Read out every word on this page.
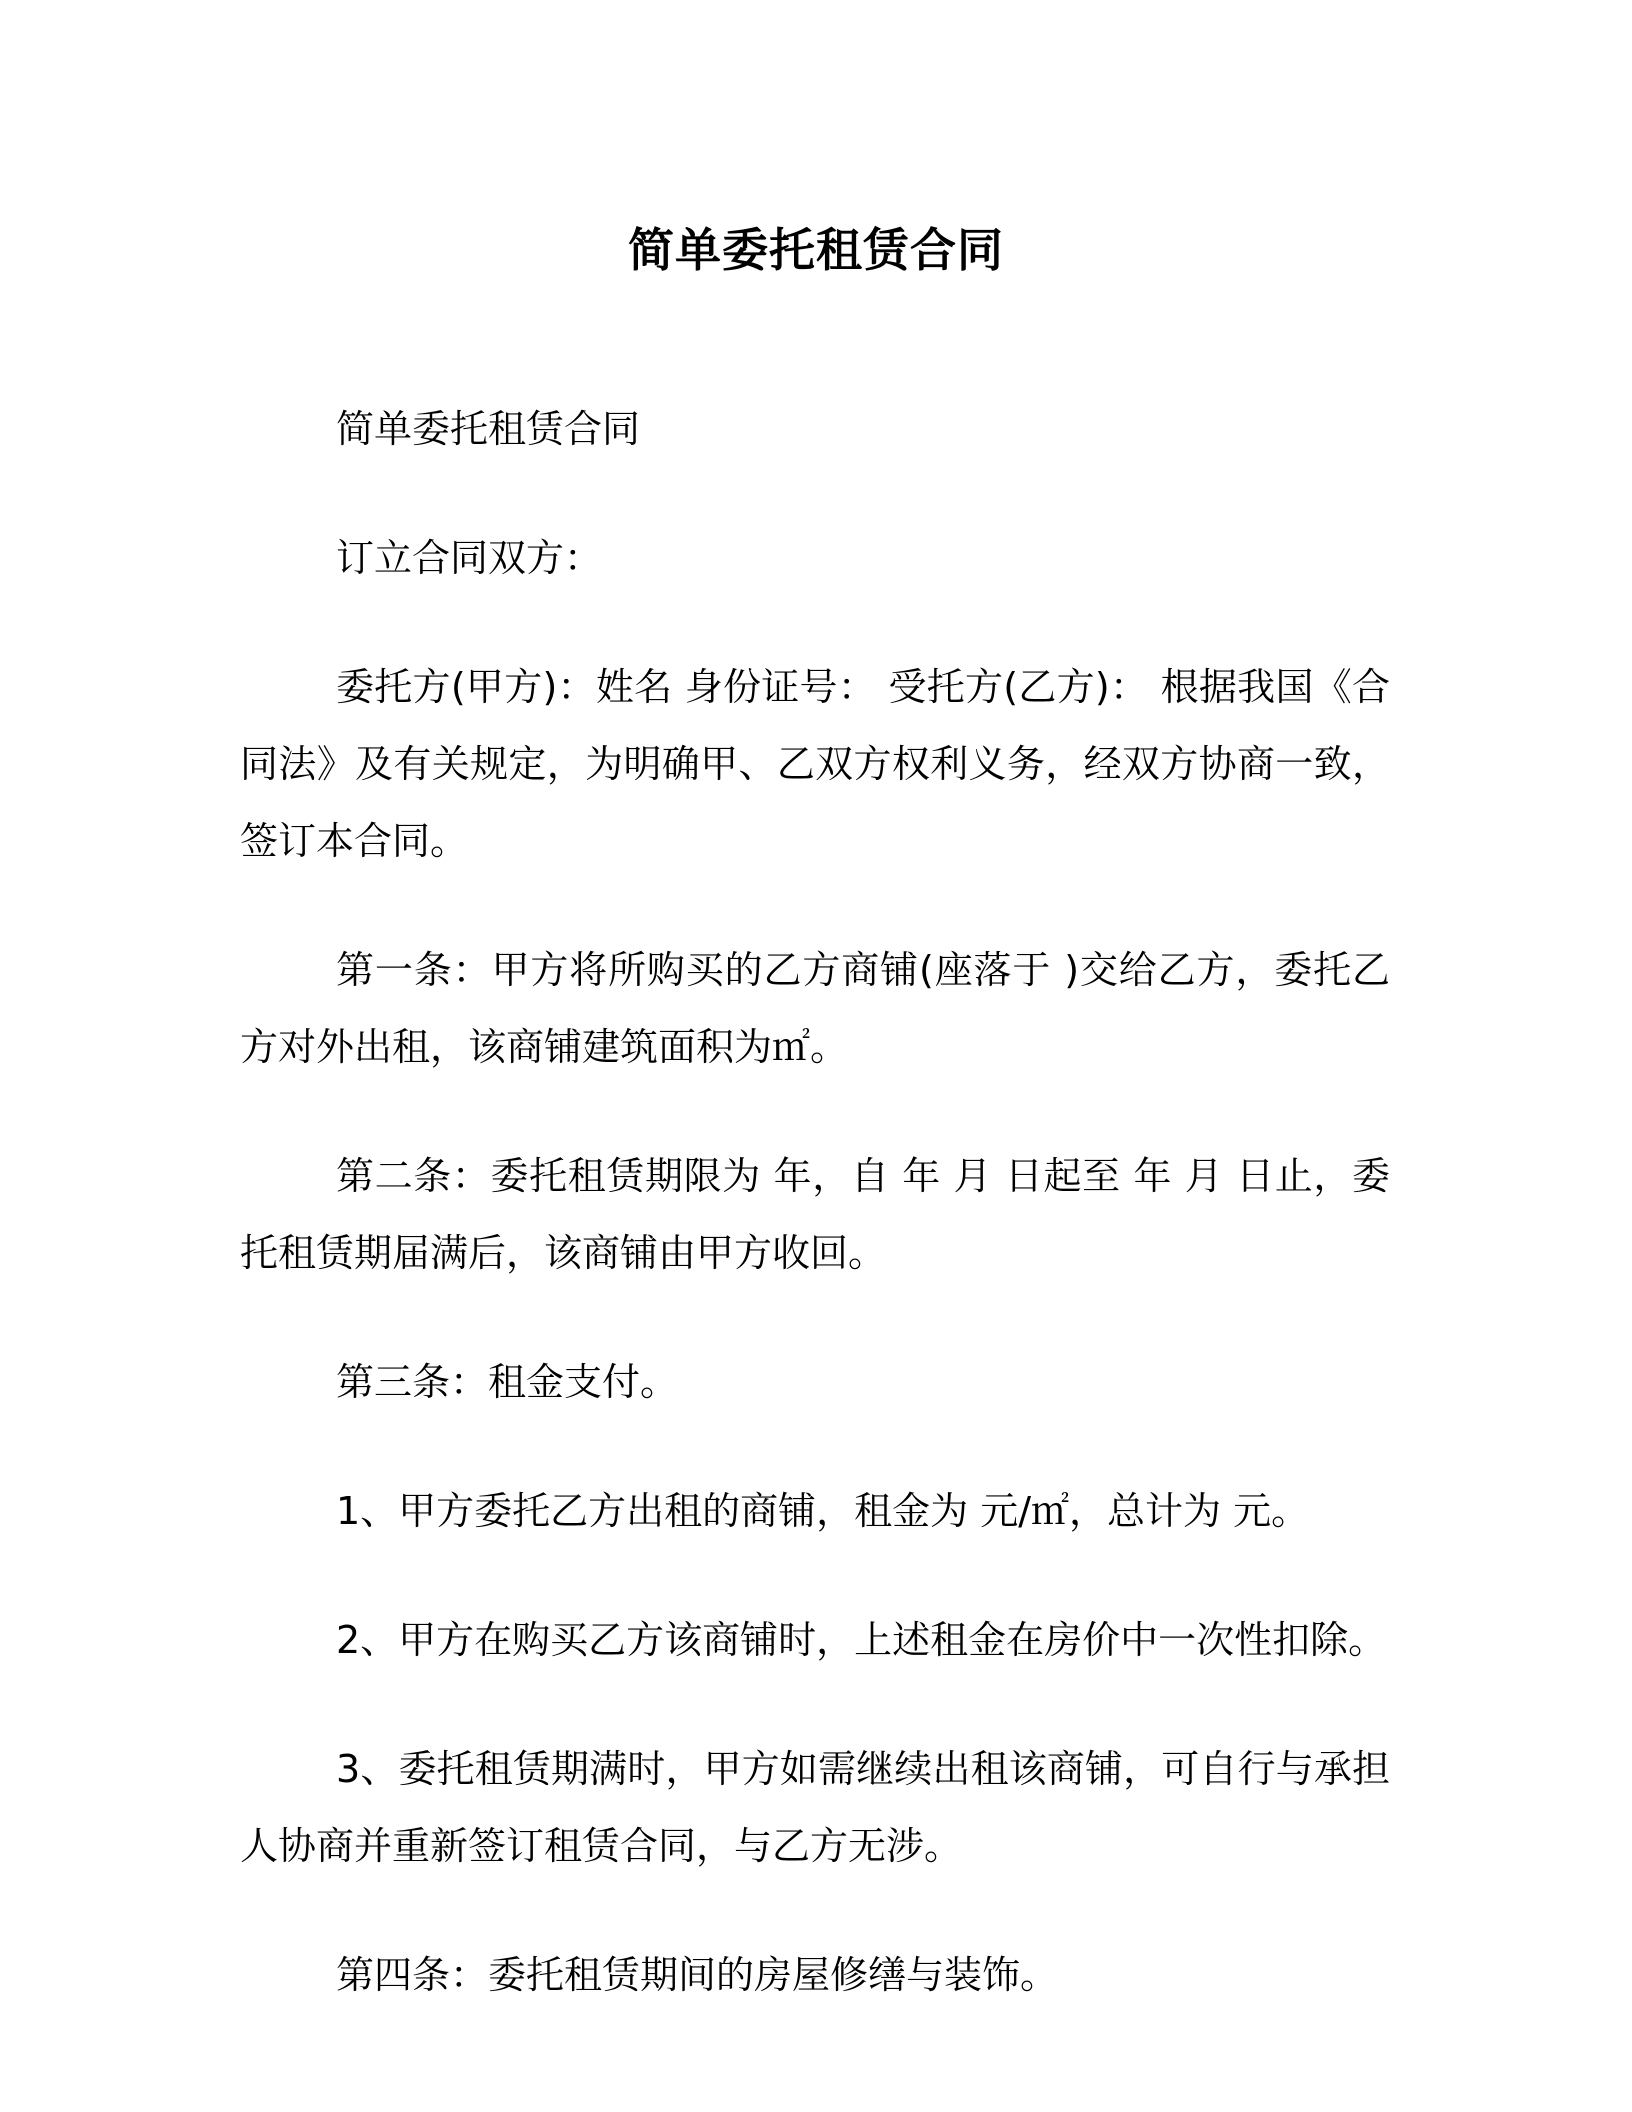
简单委托租赁合同

简单委托租赁合同

订立合同双方：

委托方(甲方)：姓名 身份证号： 受托方(乙方)： 根据我国《合同法》及有关规定，为明确甲、乙双方权利义务，经双方协商一致，签订本合同。

第一条：甲方将所购买的乙方商铺(座落于 )交给乙方，委托乙方对外出租，该商铺建筑面积为㎡。

第二条：委托租赁期限为 年，自 年 月 日起至 年 月 日止，委托租赁期届满后，该商铺由甲方收回。

第三条：租金支付。

1、甲方委托乙方出租的商铺，租金为 元/㎡，总计为 元。

2、甲方在购买乙方该商铺时，上述租金在房价中一次性扣除。

3、委托租赁期满时，甲方如需继续出租该商铺，可自行与承担人协商并重新签订租赁合同，与乙方无涉。

第四条：委托租赁期间的房屋修缮与装饰。
